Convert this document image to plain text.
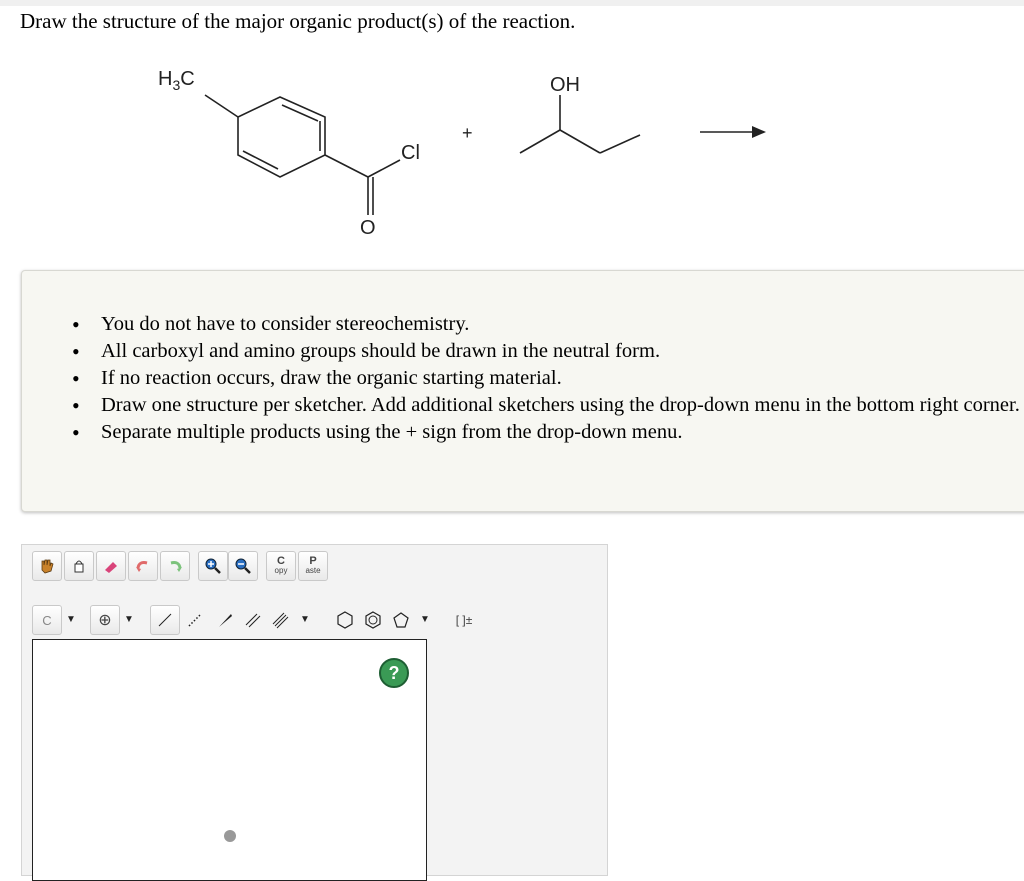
Draw the structure of the major organic product(s) of the reaction.
$H_3C$
Cl
O
+
OH
• You do not have to consider stereochemistry.
• All carboxyl and amino groups should be drawn in the neutral form.
• If no reaction occurs, draw the organic starting material.
• Draw one structure per sketcher. Add additional sketchers using the drop-down menu in the bottom right corner.
• Separate multiple products using the + sign from the drop-down menu.
C
opy
P
aste
C	▼	⊕	▼	▼	▼	[ ]±
?
